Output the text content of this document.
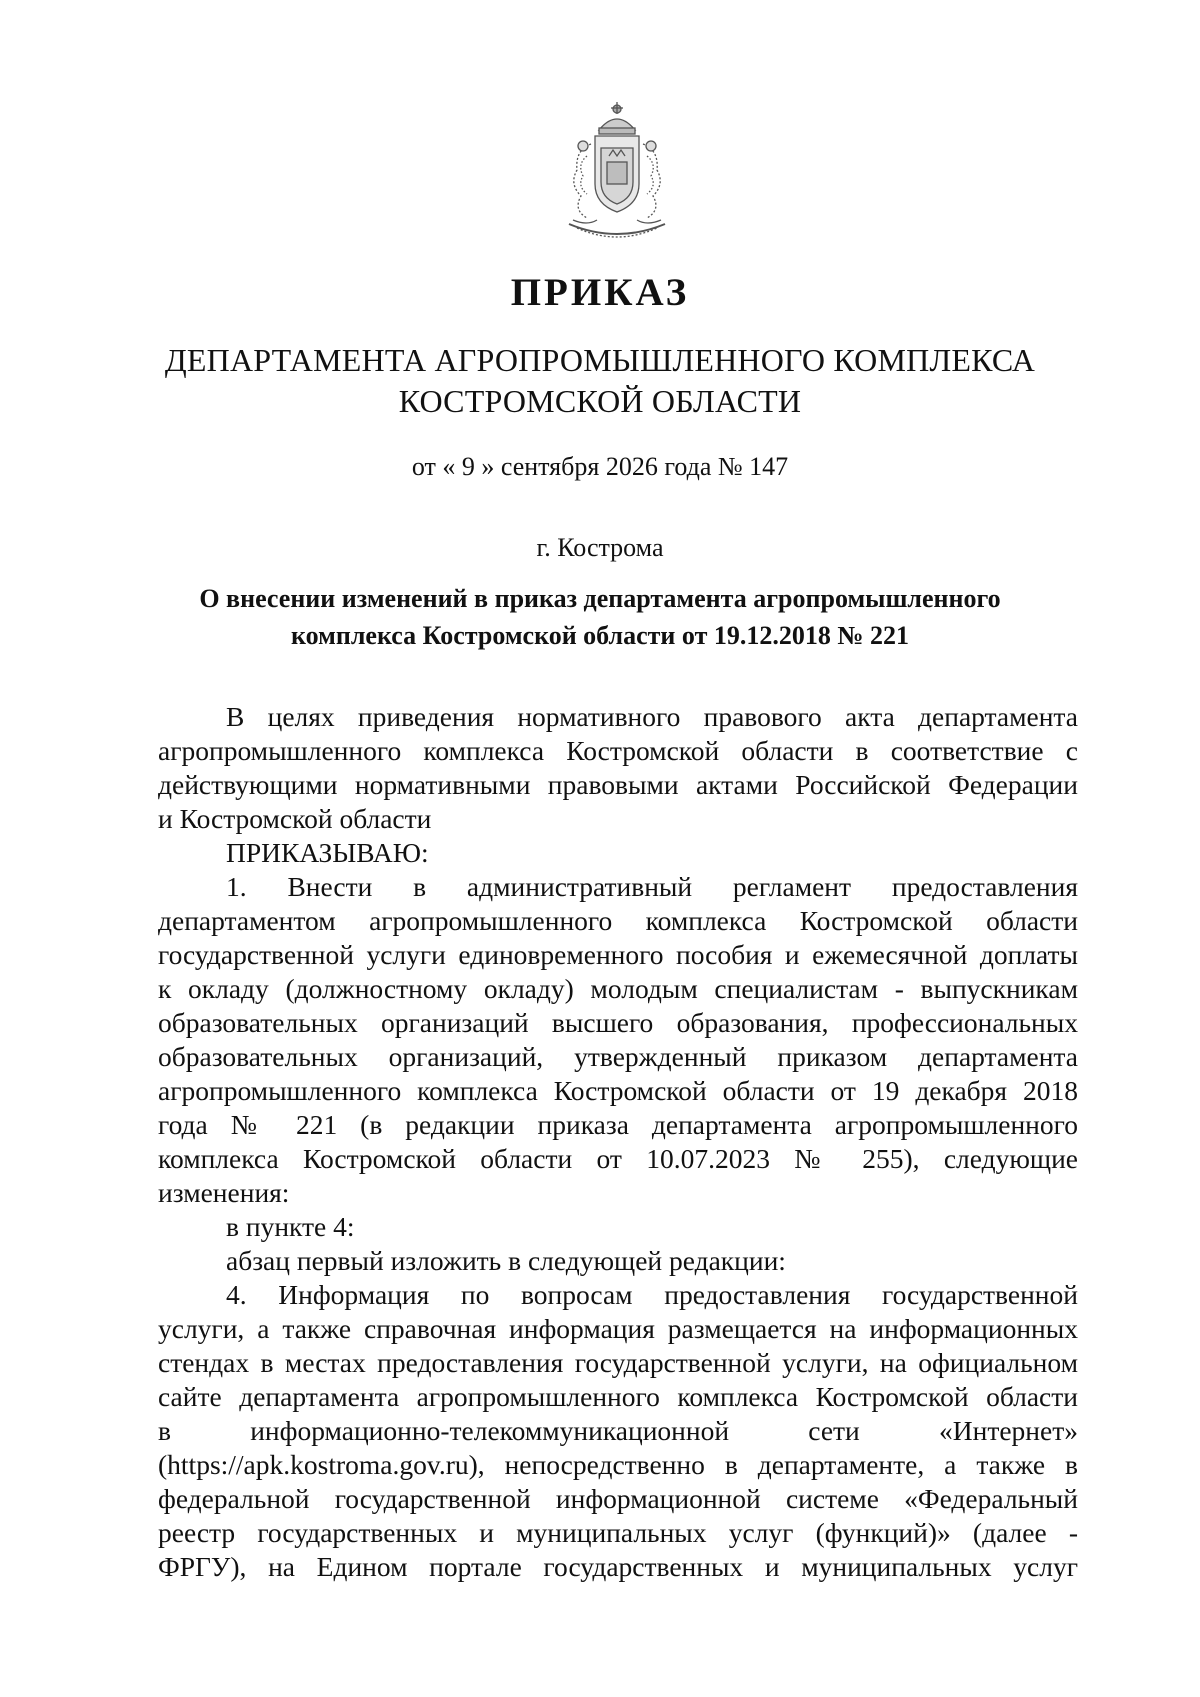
ПРИКАЗ
ДЕПАРТАМЕНТА АГРОПРОМЫШЛЕННОГО КОМПЛЕКСА
КОСТРОМСКОЙ ОБЛАСТИ
от « 9 » сентября 2026 года № 147
г. Кострома
О внесении изменений в приказ департамента агропромышленного
комплекса Костромской области от 19.12.2018 № 221
В целях приведения нормативного правового акта департамента
агропромышленного комплекса Костромской области в соответствие с
действующими нормативными правовыми актами Российской Федерации
и Костромской области
ПРИКАЗЫВАЮ:
1. Внести в административный регламент предоставления
департаментом агропромышленного комплекса Костромской области
государственной услуги единовременного пособия и ежемесячной доплаты
к окладу (должностному окладу) молодым специалистам - выпускникам
образовательных организаций высшего образования, профессиональных
образовательных организаций, утвержденный приказом департамента
агропромышленного комплекса Костромской области от 19 декабря 2018
года № 221 (в редакции приказа департамента агропромышленного
комплекса Костромской области от 10.07.2023 № 255), следующие
изменения:
в пункте 4:
абзац первый изложить в следующей редакции:
4. Информация по вопросам предоставления государственной
услуги, а также справочная информация размещается на информационных
стендах в местах предоставления государственной услуги, на официальном
сайте департамента агропромышленного комплекса Костромской области
в информационно-телекоммуникационной сети «Интернет»
(https://apk.kostroma.gov.ru), непосредственно в департаменте, а также в
федеральной государственной информационной системе «Федеральный
реестр государственных и муниципальных услуг (функций)» (далее -
ФРГУ), на Едином портале государственных и муниципальных услуг
